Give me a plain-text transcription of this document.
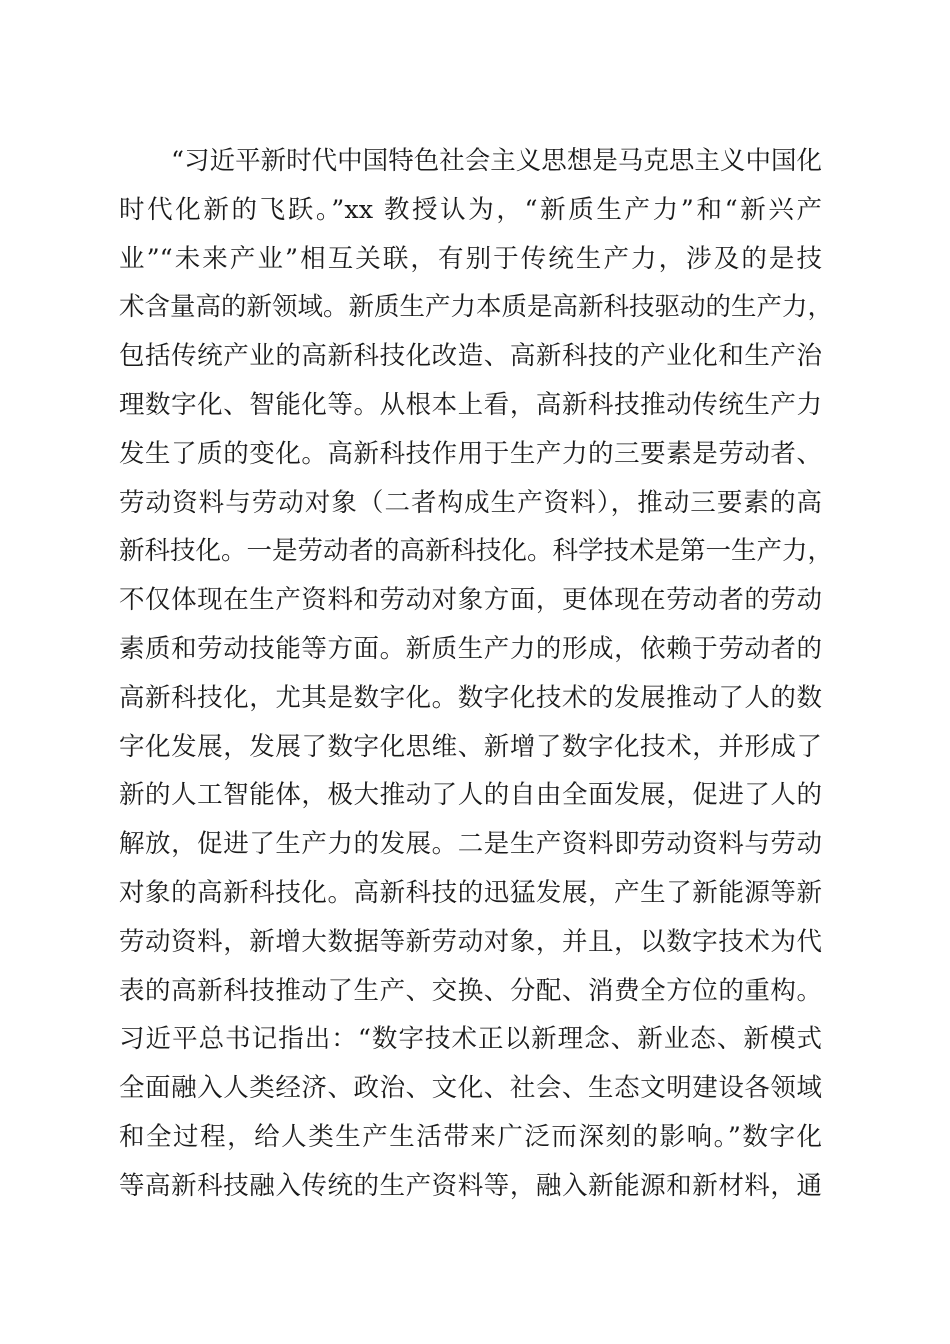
“习近平新时代中国特色社会主义思想是马克思主义中国化
时代化新的飞跃。”xx 教授认为，“新质生产力”和“新兴产
业”“未来产业”相互关联，有别于传统生产力，涉及的是技
术含量高的新领域。新质生产力本质是高新科技驱动的生产力，
包括传统产业的高新科技化改造、高新科技的产业化和生产治
理数字化、智能化等。从根本上看，高新科技推动传统生产力
发生了质的变化。高新科技作用于生产力的三要素是劳动者、
劳动资料与劳动对象（二者构成生产资料），推动三要素的高
新科技化。一是劳动者的高新科技化。科学技术是第一生产力，
不仅体现在生产资料和劳动对象方面，更体现在劳动者的劳动
素质和劳动技能等方面。新质生产力的形成，依赖于劳动者的
高新科技化，尤其是数字化。数字化技术的发展推动了人的数
字化发展，发展了数字化思维、新增了数字化技术，并形成了
新的人工智能体，极大推动了人的自由全面发展，促进了人的
解放，促进了生产力的发展。二是生产资料即劳动资料与劳动
对象的高新科技化。高新科技的迅猛发展，产生了新能源等新
劳动资料，新增大数据等新劳动对象，并且，以数字技术为代
表的高新科技推动了生产、交换、分配、消费全方位的重构。
习近平总书记指出：“数字技术正以新理念、新业态、新模式
全面融入人类经济、政治、文化、社会、生态文明建设各领域
和全过程，给人类生产生活带来广泛而深刻的影响。”数字化
等高新科技融入传统的生产资料等，融入新能源和新材料，通
